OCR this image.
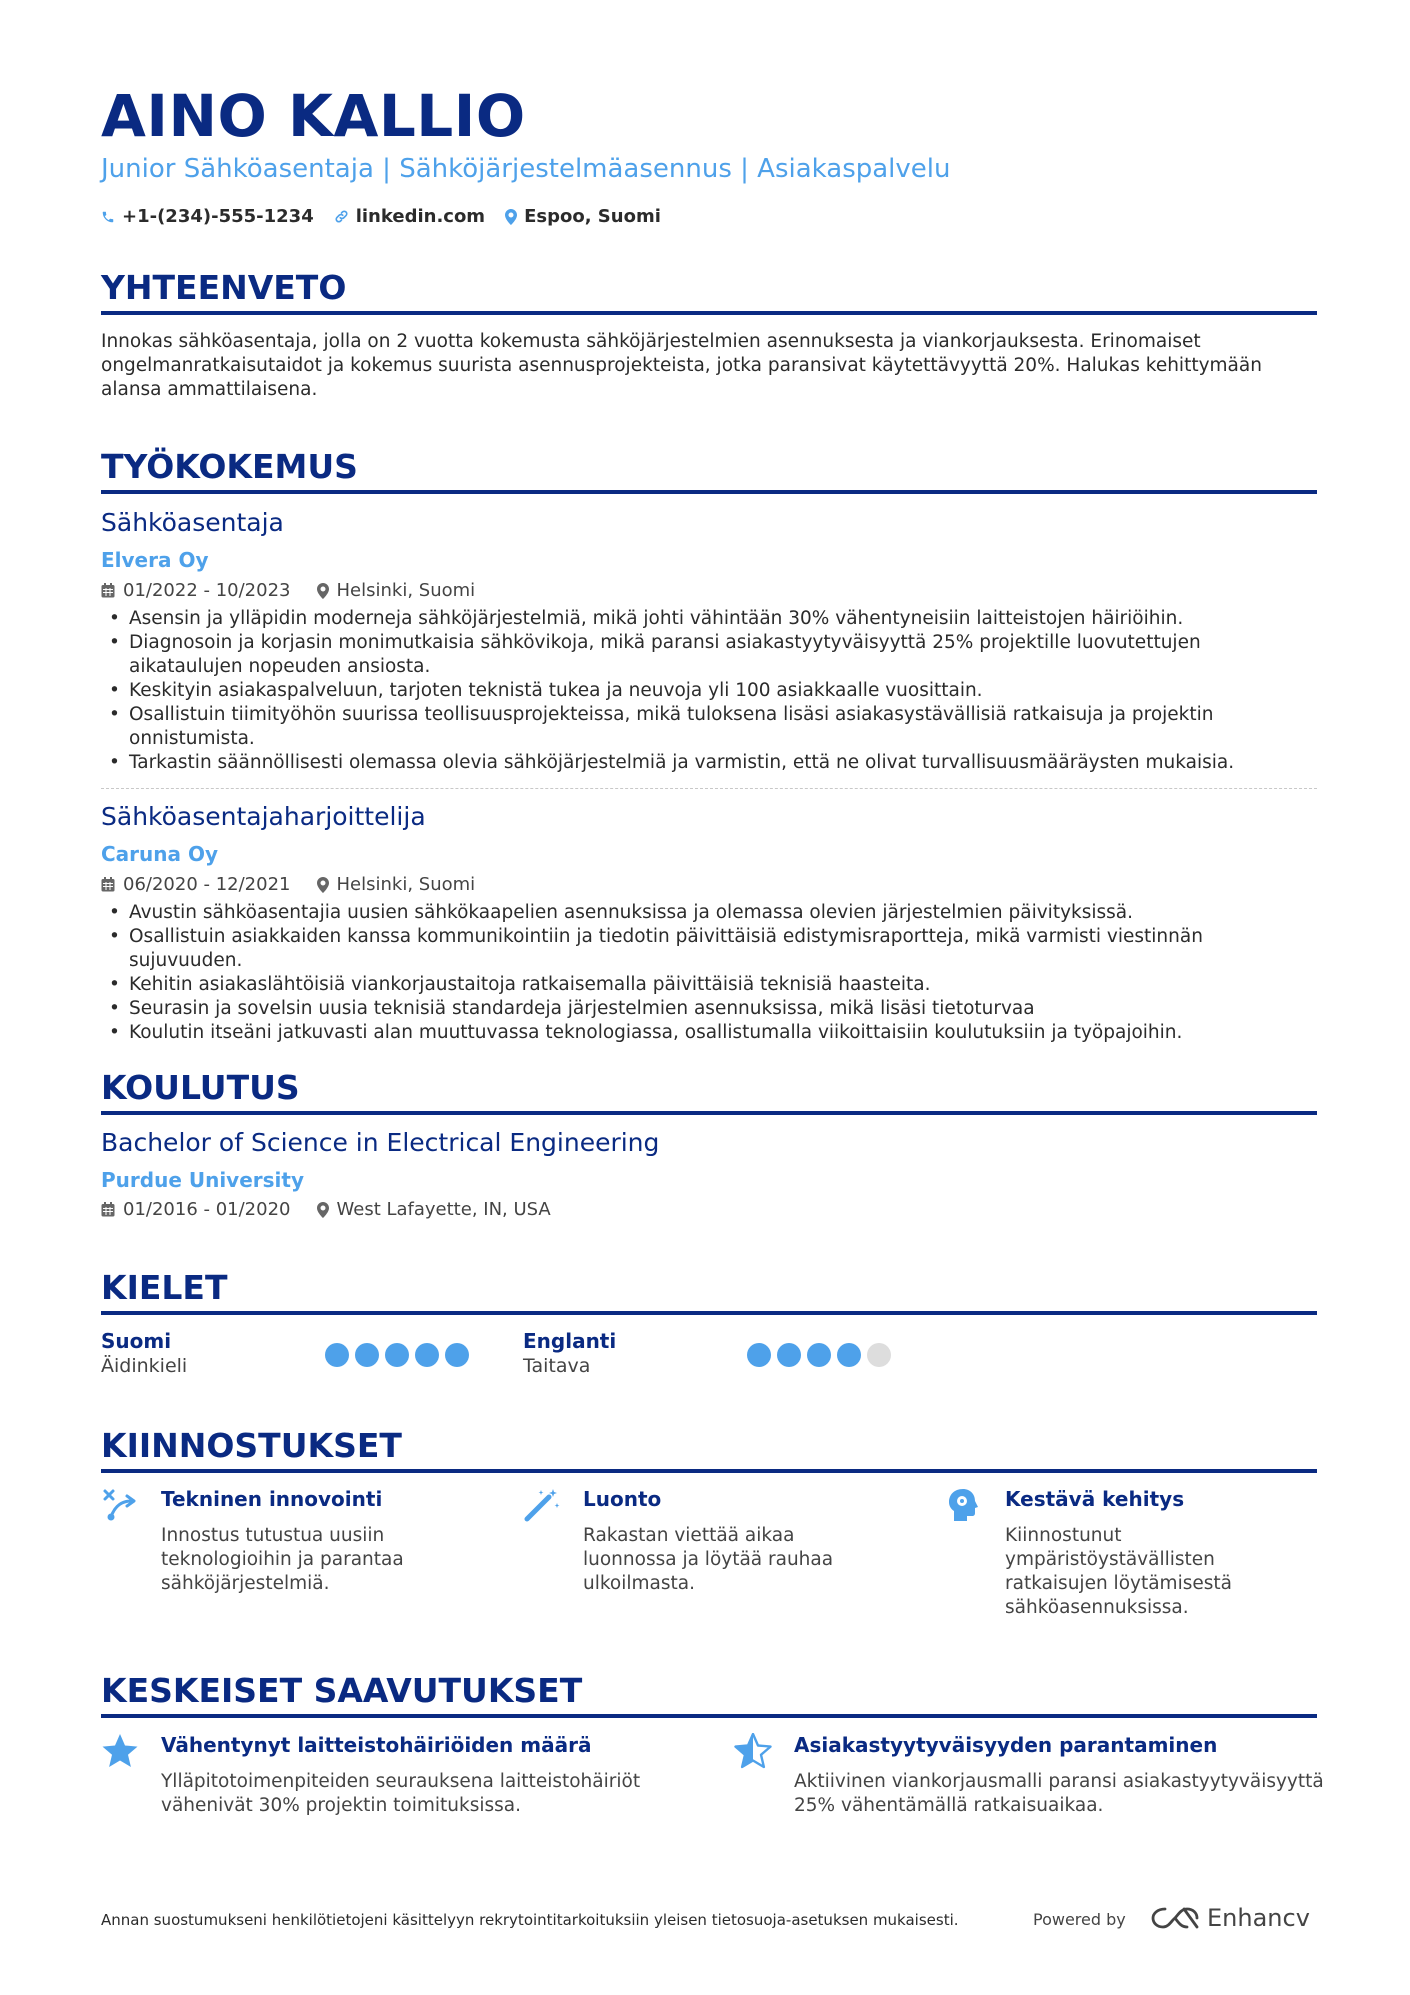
AINO KALLIO
Junior Sähköasentaja | Sähköjärjestelmäasennus | Asiakaspalvelu
+1-(234)-555-1234 linkedin.com Espoo, Suomi
YHTEENVETO
Innokas sähköasentaja, jolla on 2 vuotta kokemusta sähköjärjestelmien asennuksesta ja viankorjauksesta. Erinomaiset ongelmanratkaisutaidot ja kokemus suurista asennusprojekteista, jotka paransivat käytettävyyttä 20%. Halukas kehittymään alansa ammattilaisena.
TYÖKOKEMUS
Sähköasentaja
Elvera Oy
01/2022 - 10/2023	Helsinki, Suomi
• Asensin ja ylläpidin moderneja sähköjärjestelmiä, mikä johti vähintään 30% vähentyneisiin laitteistojen häiriöihin.
• Diagnosoin ja korjasin monimutkaisia sähkövikoja, mikä paransi asiakastyytyväisyyttä 25% projektille luovutettujen aikataulujen nopeuden ansiosta.
• Keskityin asiakaspalveluun, tarjoten teknistä tukea ja neuvoja yli 100 asiakkaalle vuosittain.
• Osallistuin tiimityöhön suurissa teollisuusprojekteissa, mikä tuloksena lisäsi asiakasystävällisiä ratkaisuja ja projektin onnistumista.
• Tarkastin säännöllisesti olemassa olevia sähköjärjestelmiä ja varmistin, että ne olivat turvallisuusmääräysten mukaisia.
Sähköasentajaharjoittelija
Caruna Oy
06/2020 - 12/2021	Helsinki, Suomi
• Avustin sähköasentajia uusien sähkökaapelien asennuksissa ja olemassa olevien järjestelmien päivityksissä.
• Osallistuin asiakkaiden kanssa kommunikointiin ja tiedotin päivittäisiä edistymisraportteja, mikä varmisti viestinnän sujuvuuden.
• Kehitin asiakaslähtöisiä viankorjaustaitoja ratkaisemalla päivittäisiä teknisiä haasteita.
• Seurasin ja sovelsin uusia teknisiä standardeja järjestelmien asennuksissa, mikä lisäsi tietoturvaa
• Koulutin itseäni jatkuvasti alan muuttuvassa teknologiassa, osallistumalla viikoittaisiin koulutuksiin ja työpajoihin.
KOULUTUS
Bachelor of Science in Electrical Engineering
Purdue University
01/2016 - 01/2020	West Lafayette, IN, USA
KIELET
Suomi
Äidinkieli
Englanti
Taitava
KIINNOSTUKSET
Tekninen innovointi
Innostus tutustua uusiin teknologioihin ja parantaa sähköjärjestelmiä.
Luonto
Rakastan viettää aikaa luonnossa ja löytää rauhaa ulkoilmasta.
Kestävä kehitys
Kiinnostunut ympäristöystävällisten ratkaisujen löytämisestä sähköasennuksissa.
KESKEISET SAAVUTUKSET
Vähentynyt laitteistohäiriöiden määrä
Ylläpitotoimenpiteiden seurauksena laitteistohäiriöt vähenivät 30% projektin toimituksissa.
Asiakastyytyväisyyden parantaminen
Aktiivinen viankorjausmalli paransi asiakastyytyväisyyttä 25% vähentämällä ratkaisuaikaa.
Annan suostumukseni henkilötietojeni käsittelyyn rekrytointitarkoituksiin yleisen tietosuoja-asetuksen mukaisesti.	Powered by	Enhancv
